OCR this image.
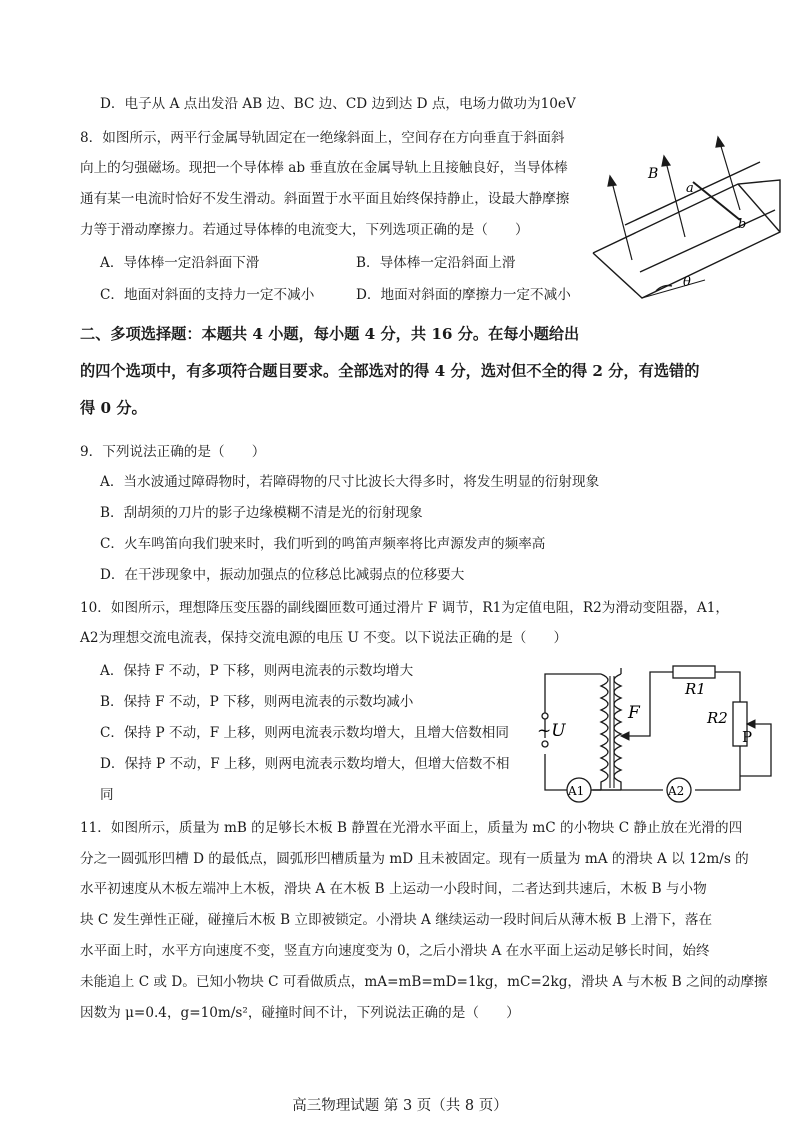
D．电子从 A 点出发沿 AB 边、BC 边、CD 边到达 D 点，电场力做功为10eV
8．如图所示，两平行金属导轨固定在一绝缘斜面上，空间存在方向垂直于斜面斜
向上的匀强磁场。现把一个导体棒 ab 垂直放在金属导轨上且接触良好，当导体棒
通有某一电流时恰好不发生滑动。斜面置于水平面且始终保持静止，设最大静摩擦
力等于滑动摩擦力。若通过导体棒的电流变大，下列选项正确的是（　　）
A．导体棒一定沿斜面下滑	B．导体棒一定沿斜面上滑
C．地面对斜面的支持力一定不减小	D．地面对斜面的摩擦力一定不减小
B
a
b
θ
二、多项选择题：本题共 4 小题，每小题 4 分，共 16 分。在每小题给出
的四个选项中，有多项符合题目要求。全部选对的得 4 分，选对但不全的得 2 分，有选错的
得 0 分。
9．下列说法正确的是（　　）
A．当水波通过障碍物时，若障碍物的尺寸比波长大得多时，将发生明显的衍射现象
B．刮胡须的刀片的影子边缘模糊不清是光的衍射现象
C．火车鸣笛向我们驶来时，我们听到的鸣笛声频率将比声源发声的频率高
D．在干涉现象中，振动加强点的位移总比减弱点的位移要大
10．如图所示，理想降压变压器的副线圈匝数可通过滑片 F 调节，R1为定值电阻，R2为滑动变阻器，A1，
A2为理想交流电流表，保持交流电源的电压 U 不变。以下说法正确的是（　　）
A．保持 F 不动，P 下移，则两电流表的示数均增大
B．保持 F 不动，P 下移，则两电流表的示数均减小
C．保持 P 不动，F 上移，则两电流表示数均增大，且增大倍数相同
D．保持 P 不动，F 上移，则两电流表示数均增大，但增大倍数不相
同
~U
F
R1
R2
P
A1	A2
11．如图所示，质量为 mB 的足够长木板 B 静置在光滑水平面上，质量为 mC 的小物块 C 静止放在光滑的四
分之一圆弧形凹槽 D 的最低点，圆弧形凹槽质量为 mD 且未被固定。现有一质量为 mA 的滑块 A 以 12m/s 的
水平初速度从木板左端冲上木板，滑块 A 在木板 B 上运动一小段时间，二者达到共速后，木板 B 与小物
块 C 发生弹性正碰，碰撞后木板 B 立即被锁定。小滑块 A 继续运动一段时间后从薄木板 B 上滑下，落在
水平面上时，水平方向速度不变，竖直方向速度变为 0，之后小滑块 A 在水平面上运动足够长时间，始终
未能追上 C 或 D。已知小物块 C 可看做质点，mA=mB=mD=1kg，mC=2kg，滑块 A 与木板 B 之间的动摩擦
因数为 μ=0.4，g=10m/s²，碰撞时间不计，下列说法正确的是（　　）
高三物理试题 第 3 页（共 8 页）
